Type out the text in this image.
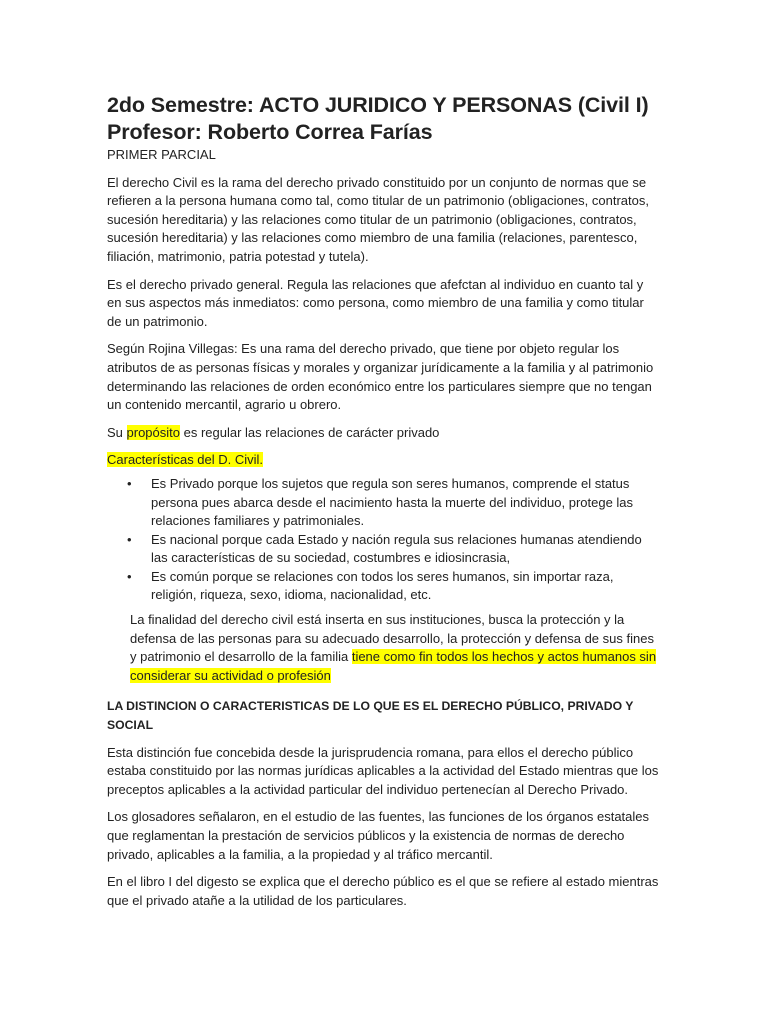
2do Semestre: ACTO JURIDICO Y PERSONAS (Civil I)
Profesor: Roberto Correa Farías
PRIMER PARCIAL

El derecho Civil es la rama del derecho privado constituido por un conjunto de normas que se refieren a la persona humana como tal, como titular de un patrimonio (obligaciones, contratos, sucesión hereditaria) y las relaciones como titular de un patrimonio (obligaciones, contratos, sucesión hereditaria) y las relaciones como miembro de una familia (relaciones, parentesco, filiación, matrimonio, patria potestad y tutela).

Es el derecho privado general. Regula las relaciones que afefctan al individuo en cuanto tal y en sus aspectos más inmediatos: como persona, como miembro de una familia y como titular de un patrimonio.

Según Rojina Villegas: Es una rama del derecho privado, que tiene por objeto regular los atributos de as personas físicas y morales y organizar jurídicamente a la familia y al patrimonio determinando las relaciones de orden económico entre los particulares siempre que no tengan un contenido mercantil, agrario u obrero.

Su propósito es regular las relaciones de carácter privado

Características del D. Civil.

• Es Privado porque los sujetos que regula son seres humanos, comprende el status persona pues abarca desde el nacimiento hasta la muerte del individuo, protege las relaciones familiares y patrimoniales.
• Es nacional porque cada Estado y nación regula sus relaciones humanas atendiendo las características de su sociedad, costumbres e idiosincrasia,
• Es común porque se relaciones con todos los seres humanos, sin importar raza, religión, riqueza, sexo, idioma, nacionalidad, etc.

La finalidad del derecho civil está inserta en sus instituciones, busca la protección y la defensa de las personas para su adecuado desarrollo, la protección y defensa de sus fines y patrimonio el desarrollo de la familia tiene como fin todos los hechos y actos humanos sin considerar su actividad o profesión

LA DISTINCION O CARACTERISTICAS DE LO QUE ES EL DERECHO PÚBLICO, PRIVADO Y SOCIAL

Esta distinción fue concebida desde la jurisprudencia romana, para ellos el derecho público estaba constituido por las normas jurídicas aplicables a la actividad del Estado mientras que los preceptos aplicables a la actividad particular del individuo pertenecían al Derecho Privado.

Los glosadores señalaron, en el estudio de las fuentes, las funciones de los órganos estatales que reglamentan la prestación de servicios públicos y la existencia de normas de derecho privado, aplicables a la familia, a la propiedad y al tráfico mercantil.

En el libro I del digesto se explica que el derecho público es el que se refiere al estado mientras que el privado atañe a la utilidad de los particulares.
